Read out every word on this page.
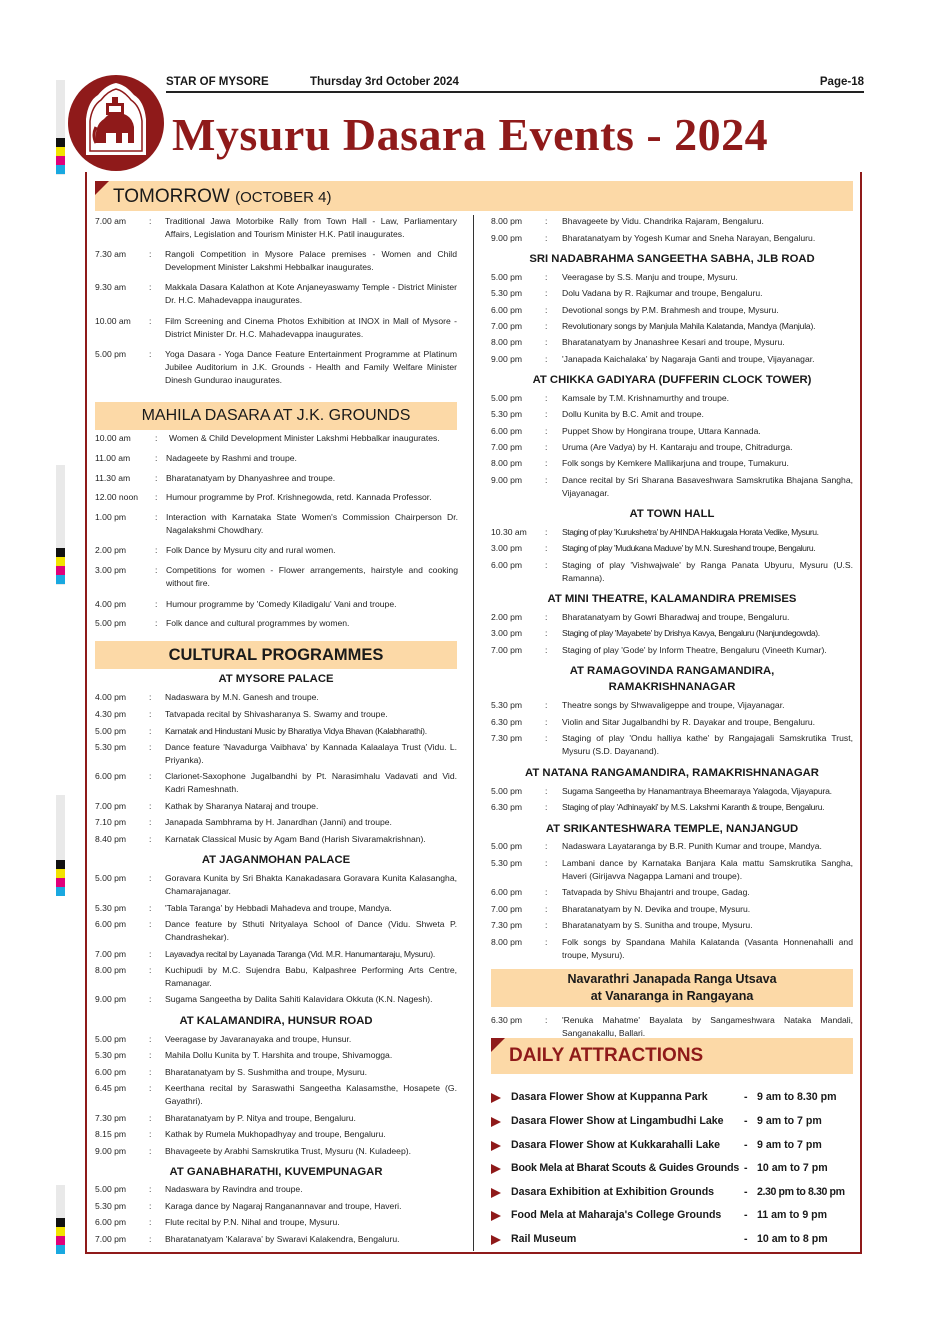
STAR OF MYSORE	Thursday 3rd October 2024	Page-18
Mysuru Dasara Events - 2024
TOMORROW (OCTOBER 4)
MAHILA DASARA AT J.K. GROUNDS
CULTURAL PROGRAMMES
Navarathri Janapada Ranga Utsava
at Vanaranga in Rangayana
DAILY ATTRACTIONS
7.00 am	: Traditional Jawa Motorbike Rally from Town Hall - Law, Parliamentary Affairs, Legislation and Tourism Minister H.K. Patil inaugurates.
7.30 am	: Rangoli Competition in Mysore Palace premises - Women and Child Development Minister Lakshmi Hebbalkar inaugurates.
9.30 am	: Makkala Dasara Kalathon at Kote Anjaneyaswamy Temple - District Minister Dr. H.C. Mahadevappa inaugurates.
10.00 am : Film Screening and Cinema Photos Exhibition at INOX in Mall of Mysore - District Minister Dr. H.C. Mahadevappa inaugurates.
5.00 pm	: Yoga Dasara - Yoga Dance Feature Entertainment Programme at Platinum Jubilee Auditorium in J.K. Grounds - Health and Family Welfare Minister Dinesh Gundurao inaugurates.
10.00 am	: Women & Child Development Minister Lakshmi Hebbalkar inaugurates.
11.00 am	: Nadageete by Rashmi and troupe.
11.30 am	: Bharatanatyam by Dhanyashree and troupe.
12.00 noon : Humour programme by Prof. Krishnegowda, retd. Kannada Professor.
1.00 pm	: Interaction with Karnataka State Women's Commission Chairperson Dr. Nagalakshmi Chowdhary.
2.00 pm	: Folk Dance by Mysuru city and rural women.
3.00 pm	: Competitions for women - Flower arrangements, hairstyle and cooking without fire.
4.00 pm	: Humour programme by 'Comedy Kiladigalu' Vani and troupe.
5.00 pm	: Folk dance and cultural programmes by women.
AT MYSORE PALACE
4.00 pm	: Nadaswara by M.N. Ganesh and troupe.
4.30 pm	: Tatvapada recital by Shivasharanya S. Swamy and troupe.
5.00 pm	: Karnatak and Hindustani Music by Bharatiya Vidya Bhavan (Kalabharathi).
5.30 pm	: Dance feature 'Navadurga Vaibhava' by Kannada Kalaalaya Trust (Vidu. L. Priyanka).
6.00 pm	: Clarionet-Saxophone Jugalbandhi by Pt. Narasimhalu Vadavati and Vid. Kadri Rameshnath.
7.00 pm	: Kathak by Sharanya Nataraj and troupe.
7.10 pm	: Janapada Sambhrama by H. Janardhan (Janni) and troupe.
8.40 pm	: Karnatak Classical Music by Agam Band (Harish Sivaramakrishnan).
AT JAGANMOHAN PALACE
5.00 pm	: Goravara Kunita by Sri Bhakta Kanakadasara Goravara Kunita Kalasangha, Chamarajanagar.
5.30 pm	: 'Tabla Taranga' by Hebbadi Mahadeva and troupe, Mandya.
6.00 pm	: Dance feature by Sthuti Nrityalaya School of Dance (Vidu. Shweta P. Chandrashekar).
7.00 pm	: Layavadya recital by Layanada Taranga (Vid. M.R. Hanumantaraju, Mysuru).
8.00 pm	: Kuchipudi by M.C. Sujendra Babu, Kalpashree Performing Arts Centre, Ramanagar.
9.00 pm	: Sugama Sangeetha by Dalita Sahiti Kalavidara Okkuta (K.N. Nagesh).
AT KALAMANDIRA, HUNSUR ROAD
5.00 pm	: Veeragase by Javaranayaka and troupe, Hunsur.
5.30 pm	: Mahila Dollu Kunita by T. Harshita and troupe, Shivamogga.
6.00 pm	: Bharatanatyam by S. Sushmitha and troupe, Mysuru.
6.45 pm	: Keerthana recital by Saraswathi Sangeetha Kalasamsthe, Hosapete (G. Gayathri).
7.30 pm	: Bharatanatyam by P. Nitya and troupe, Bengaluru.
8.15 pm	: Kathak by Rumela Mukhopadhyay and troupe, Bengaluru.
9.00 pm	: Bhavageete by Arabhi Samskrutika Trust, Mysuru (N. Kuladeep).
AT GANABHARATHI, KUVEMPUNAGAR
5.00 pm	: Nadaswara by Ravindra and troupe.
5.30 pm	: Karaga dance by Nagaraj Ranganannavar and troupe, Haveri.
6.00 pm	: Flute recital by P.N. Nihal and troupe, Mysuru.
7.00 pm	: Bharatanatyam 'Kalarava' by Swaravi Kalakendra, Bengaluru.
8.00 pm	: Bhavageete by Vidu. Chandrika Rajaram, Bengaluru.
9.00 pm	: Bharatanatyam by Yogesh Kumar and Sneha Narayan, Bengaluru.
SRI NADABRAHMA SANGEETHA SABHA, JLB ROAD
5.00 pm	: Veeragase by S.S. Manju and troupe, Mysuru.
5.30 pm	: Dolu Vadana by R. Rajkumar and troupe, Bengaluru.
6.00 pm	: Devotional songs by P.M. Brahmesh and troupe, Mysuru.
7.00 pm	: Revolutionary songs by Manjula Mahila Kalatanda, Mandya (Manjula).
8.00 pm	: Bharatanatyam by Jnanashree Kesari and troupe, Mysuru.
9.00 pm	: 'Janapada Kaichalaka' by Nagaraja Ganti and troupe, Vijayanagar.
AT CHIKKA GADIYARA (DUFFERIN CLOCK TOWER)
5.00 pm	: Kamsale by T.M. Krishnamurthy and troupe.
5.30 pm	: Dollu Kunita by B.C. Amit and troupe.
6.00 pm	: Puppet Show by Hongirana troupe, Uttara Kannada.
7.00 pm	: Uruma (Are Vadya) by H. Kantaraju and troupe, Chitradurga.
8.00 pm	: Folk songs by Kemkere Mallikarjuna and troupe, Tumakuru.
9.00 pm	: Dance recital by Sri Sharana Basaveshwara Samskrutika Bhajana Sangha, Vijayanagar.
AT TOWN HALL
10.30 am : Staging of play 'Kurukshetra' by AHINDA Hakkugala Horata Vedike, Mysuru.
3.00 pm	: Staging of play 'Mudukana Maduve' by M.N. Sureshand troupe, Bengaluru.
6.00 pm	: Staging of play 'Vishwajwale' by Ranga Panata Ubyuru, Mysuru (U.S. Ramanna).
AT MINI THEATRE, KALAMANDIRA PREMISES
2.00 pm	: Bharatanatyam by Gowri Bharadwaj and troupe, Bengaluru.
3.00 pm	: Staging of play 'Mayabete' by Drishya Kavya, Bengaluru (Nanjundegowda).
7.00 pm	: Staging of play 'Gode' by Inform Theatre, Bengaluru (Vineeth Kumar).
AT RAMAGOVINDA RANGAMANDIRA,
RAMAKRISHNANAGAR
5.30 pm	: Theatre songs by Shwavaligeppe and troupe, Vijayanagar.
6.30 pm	: Violin and Sitar Jugalbandhi by R. Dayakar and troupe, Bengaluru.
7.30 pm	: Staging of play 'Ondu halliya kathe' by Rangajagali Samskrutika Trust, Mysuru (S.D. Dayanand).
AT NATANA RANGAMANDIRA, RAMAKRISHNANAGAR
5.00 pm	: Sugama Sangeetha by Hanamantraya Bheemaraya Yalagoda, Vijayapura.
6.30 pm	: Staging of play 'Adhinayaki' by M.S. Lakshmi Karanth & troupe, Bengaluru.
AT SRIKANTESHWARA TEMPLE, NANJANGUD
5.00 pm	: Nadaswara Layataranga by B.R. Punith Kumar and troupe, Mandya.
5.30 pm	: Lambani dance by Karnataka Banjara Kala mattu Samskrutika Sangha, Haveri (Girijavva Nagappa Lamani and troupe).
6.00 pm	: Tatvapada by Shivu Bhajantri and troupe, Gadag.
7.00 pm	: Bharatanatyam by N. Devika and troupe, Mysuru.
7.30 pm	: Bharatanatyam by S. Sunitha and troupe, Mysuru.
8.00 pm	: Folk songs by Spandana Mahila Kalatanda (Vasanta Honnenahalli and troupe, Mysuru).
6.30 pm	: 'Renuka Mahatme' Bayalata by Sangameshwara Nataka Mandali, Sanganakallu, Ballari.
Dasara Flower Show at Kuppanna Park	- 9 am to 8.30 pm
Dasara Flower Show at Lingambudhi Lake - 9 am to 7 pm
Dasara Flower Show at Kukkarahalli Lake - 9 am to 7 pm
Book Mela at Bharat Scouts & Guides Grounds - 10 am to 7 pm
Dasara Exhibition at Exhibition Grounds	- 2.30 pm to 8.30 pm
Food Mela at Maharaja's College Grounds - 11 am to 9 pm
Rail Museum	- 10 am to 8 pm
